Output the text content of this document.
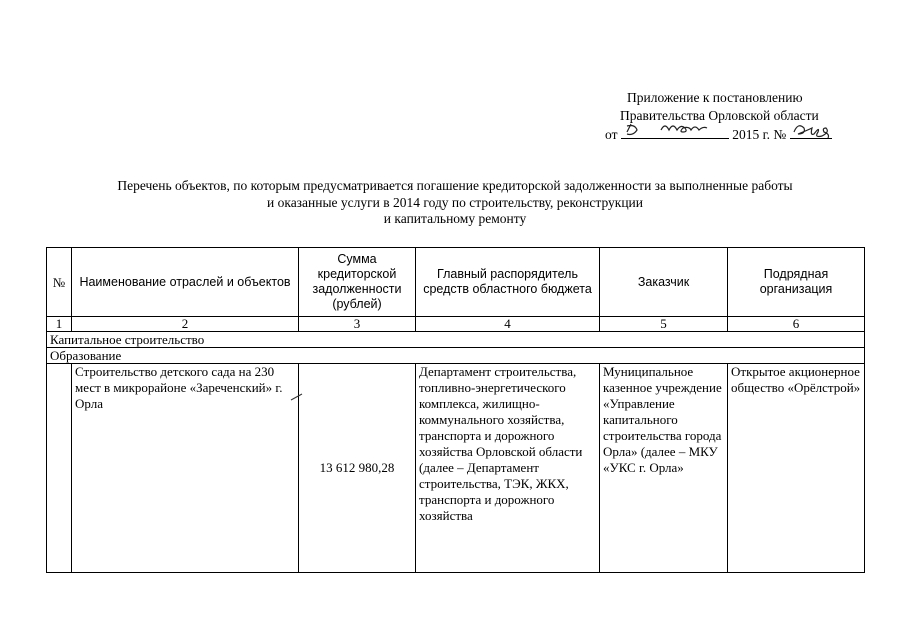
Приложение к постановлению
Правительства Орловской области
от	2015 г. №
Перечень объектов, по которым предусматривается погашение кредиторской задолженности за выполненные работы
и оказанные услуги в 2014 году по строительству, реконструкции
и капитальному ремонту
№	Наименование отраслей и объектов	Сумма кредиторской задолженности (рублей)	Главный распорядитель средств областного бюджета	Заказчик	Подрядная организация
1	2	3	4	5	6
Капитальное строительство					
Образование					
	Строительство детского сада на 230 мест в микрорайоне «Зареченский» г. Орла	13 612 980,28	Департамент строительства, топливно-энергетического комплекса, жилищно-коммунального хозяйства, транспорта и дорожного хозяйства Орловской области (далее – Департамент строительства, ТЭК, ЖКХ, транспорта и дорожного хозяйства	Муниципальное казенное учреждение «Управление капитального строительства города Орла» (далее – МКУ «УКС г. Орла»	Открытое акционерное общество «Орёлстрой»
